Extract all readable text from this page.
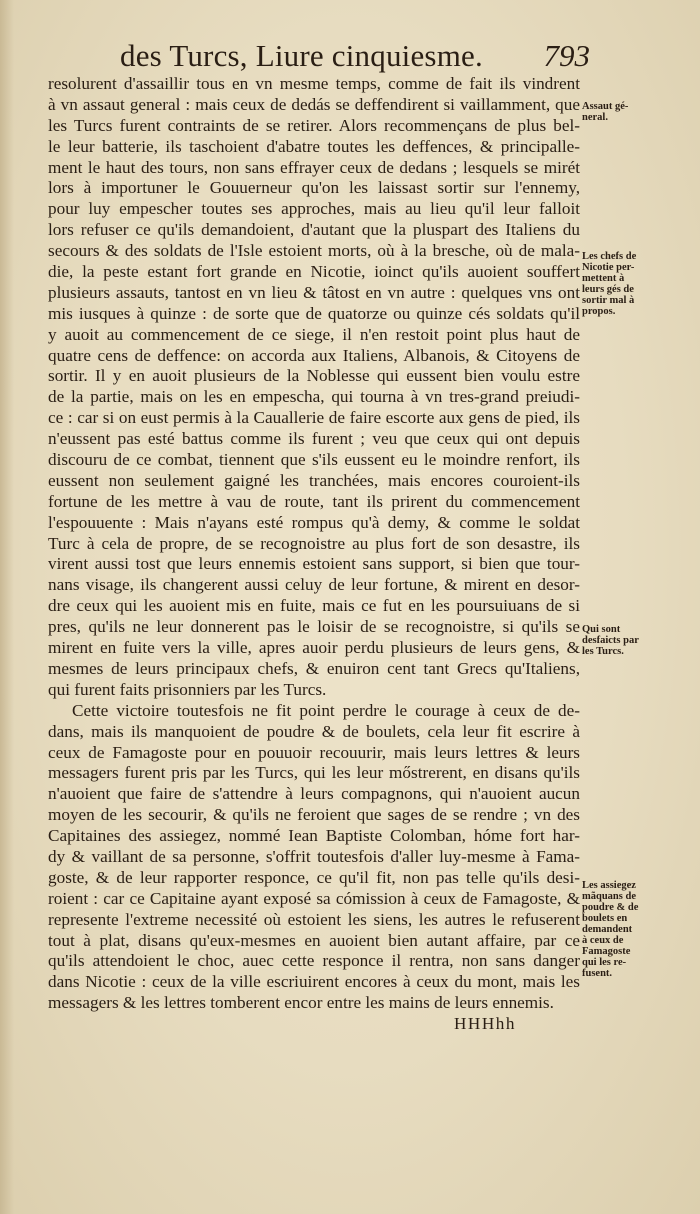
des Turcs, Liure cinquiesme. 793
resolurent d'assaillir tous en vn mesme temps, comme de fait ils vindrent
à vn assaut general : mais ceux de dedás se deffendirent si vaillamment, que
les Turcs furent contraints de se retirer. Alors recommençans de plus bel-
le leur batterie, ils taschoient d'abatre toutes les deffences, & principalle-
ment le haut des tours, non sans effrayer ceux de dedans ; lesquels se mirét
lors à importuner le Gouuerneur qu'on les laissast sortir sur l'ennemy,
pour luy empescher toutes ses approches, mais au lieu qu'il leur falloit
lors refuser ce qu'ils demandoient, d'autant que la pluspart des Italiens du
secours & des soldats de l'Isle estoient morts, où à la bresche, où de mala-
die, la peste estant fort grande en Nicotie, ioinct qu'ils auoient souffert
plusieurs assauts, tantost en vn lieu & tâtost en vn autre : quelques vns ont
mis iusques à quinze : de sorte que de quatorze ou quinze cés soldats qu'il
y auoit au commencement de ce siege, il n'en restoit point plus haut de
quatre cens de deffence: on accorda aux Italiens, Albanois, & Citoyens de
sortir. Il y en auoit plusieurs de la Noblesse qui eussent bien voulu estre
de la partie, mais on les en empescha, qui tourna à vn tres-grand preiudi-
ce : car si on eust permis à la Cauallerie de faire escorte aux gens de pied, ils
n'eussent pas esté battus comme ils furent ; veu que ceux qui ont depuis
discouru de ce combat, tiennent que s'ils eussent eu le moindre renfort, ils
eussent non seulement gaigné les tranchées, mais encores couroient-ils
fortune de les mettre à vau de route, tant ils prirent du commencement
l'espouuente : Mais n'ayans esté rompus qu'à demy, & comme le soldat
Turc à cela de propre, de se recognoistre au plus fort de son desastre, ils
virent aussi tost que leurs ennemis estoient sans support, si bien que tour-
nans visage, ils changerent aussi celuy de leur fortune, & mirent en desor-
dre ceux qui les auoient mis en fuite, mais ce fut en les poursuiuans de si
pres, qu'ils ne leur donnerent pas le loisir de se recognoistre, si qu'ils se
mirent en fuite vers la ville, apres auoir perdu plusieurs de leurs gens, &
mesmes de leurs principaux chefs, & enuiron cent tant Grecs qu'Italiens,
qui furent faits prisonniers par les Turcs.
Cette victoire toutesfois ne fit point perdre le courage à ceux de de-
dans, mais ils manquoient de poudre & de boulets, cela leur fit escrire à
ceux de Famagoste pour en pouuoir recouurir, mais leurs lettres & leurs
messagers furent pris par les Turcs, qui les leur mőstrerent, en disans qu'ils
n'auoient que faire de s'attendre à leurs compagnons, qui n'auoient aucun
moyen de les secourir, & qu'ils ne feroient que sages de se rendre ; vn des
Capitaines des assiegez, nommé Iean Baptiste Colomban, hóme fort har-
dy & vaillant de sa personne, s'offrit toutesfois d'aller luy-mesme à Fama-
goste, & de leur rapporter responce, ce qu'il fit, non pas telle qu'ils desi-
roient : car ce Capitaine ayant exposé sa cómission à ceux de Famagoste, &
represente l'extreme necessité où estoient les siens, les autres le refuserent
tout à plat, disans qu'eux-mesmes en auoient bien autant affaire, par ce
qu'ils attendoient le choc, auec cette responce il rentra, non sans danger
dans Nicotie : ceux de la ville escriuirent encores à ceux du mont, mais les
messagers & les lettres tomberent encor entre les mains de leurs ennemis.
HHHhh
Assaut gé-
neral.
Les chefs de
Nicotie per-
mettent à
leurs gés de
sortir mal à
propos.
Qui sont
desfaicts par
les Turcs.
Les assiegez
mãquans de
poudre & de
boulets en
demandent
à ceux de
Famagoste
qui les re-
fusent.
